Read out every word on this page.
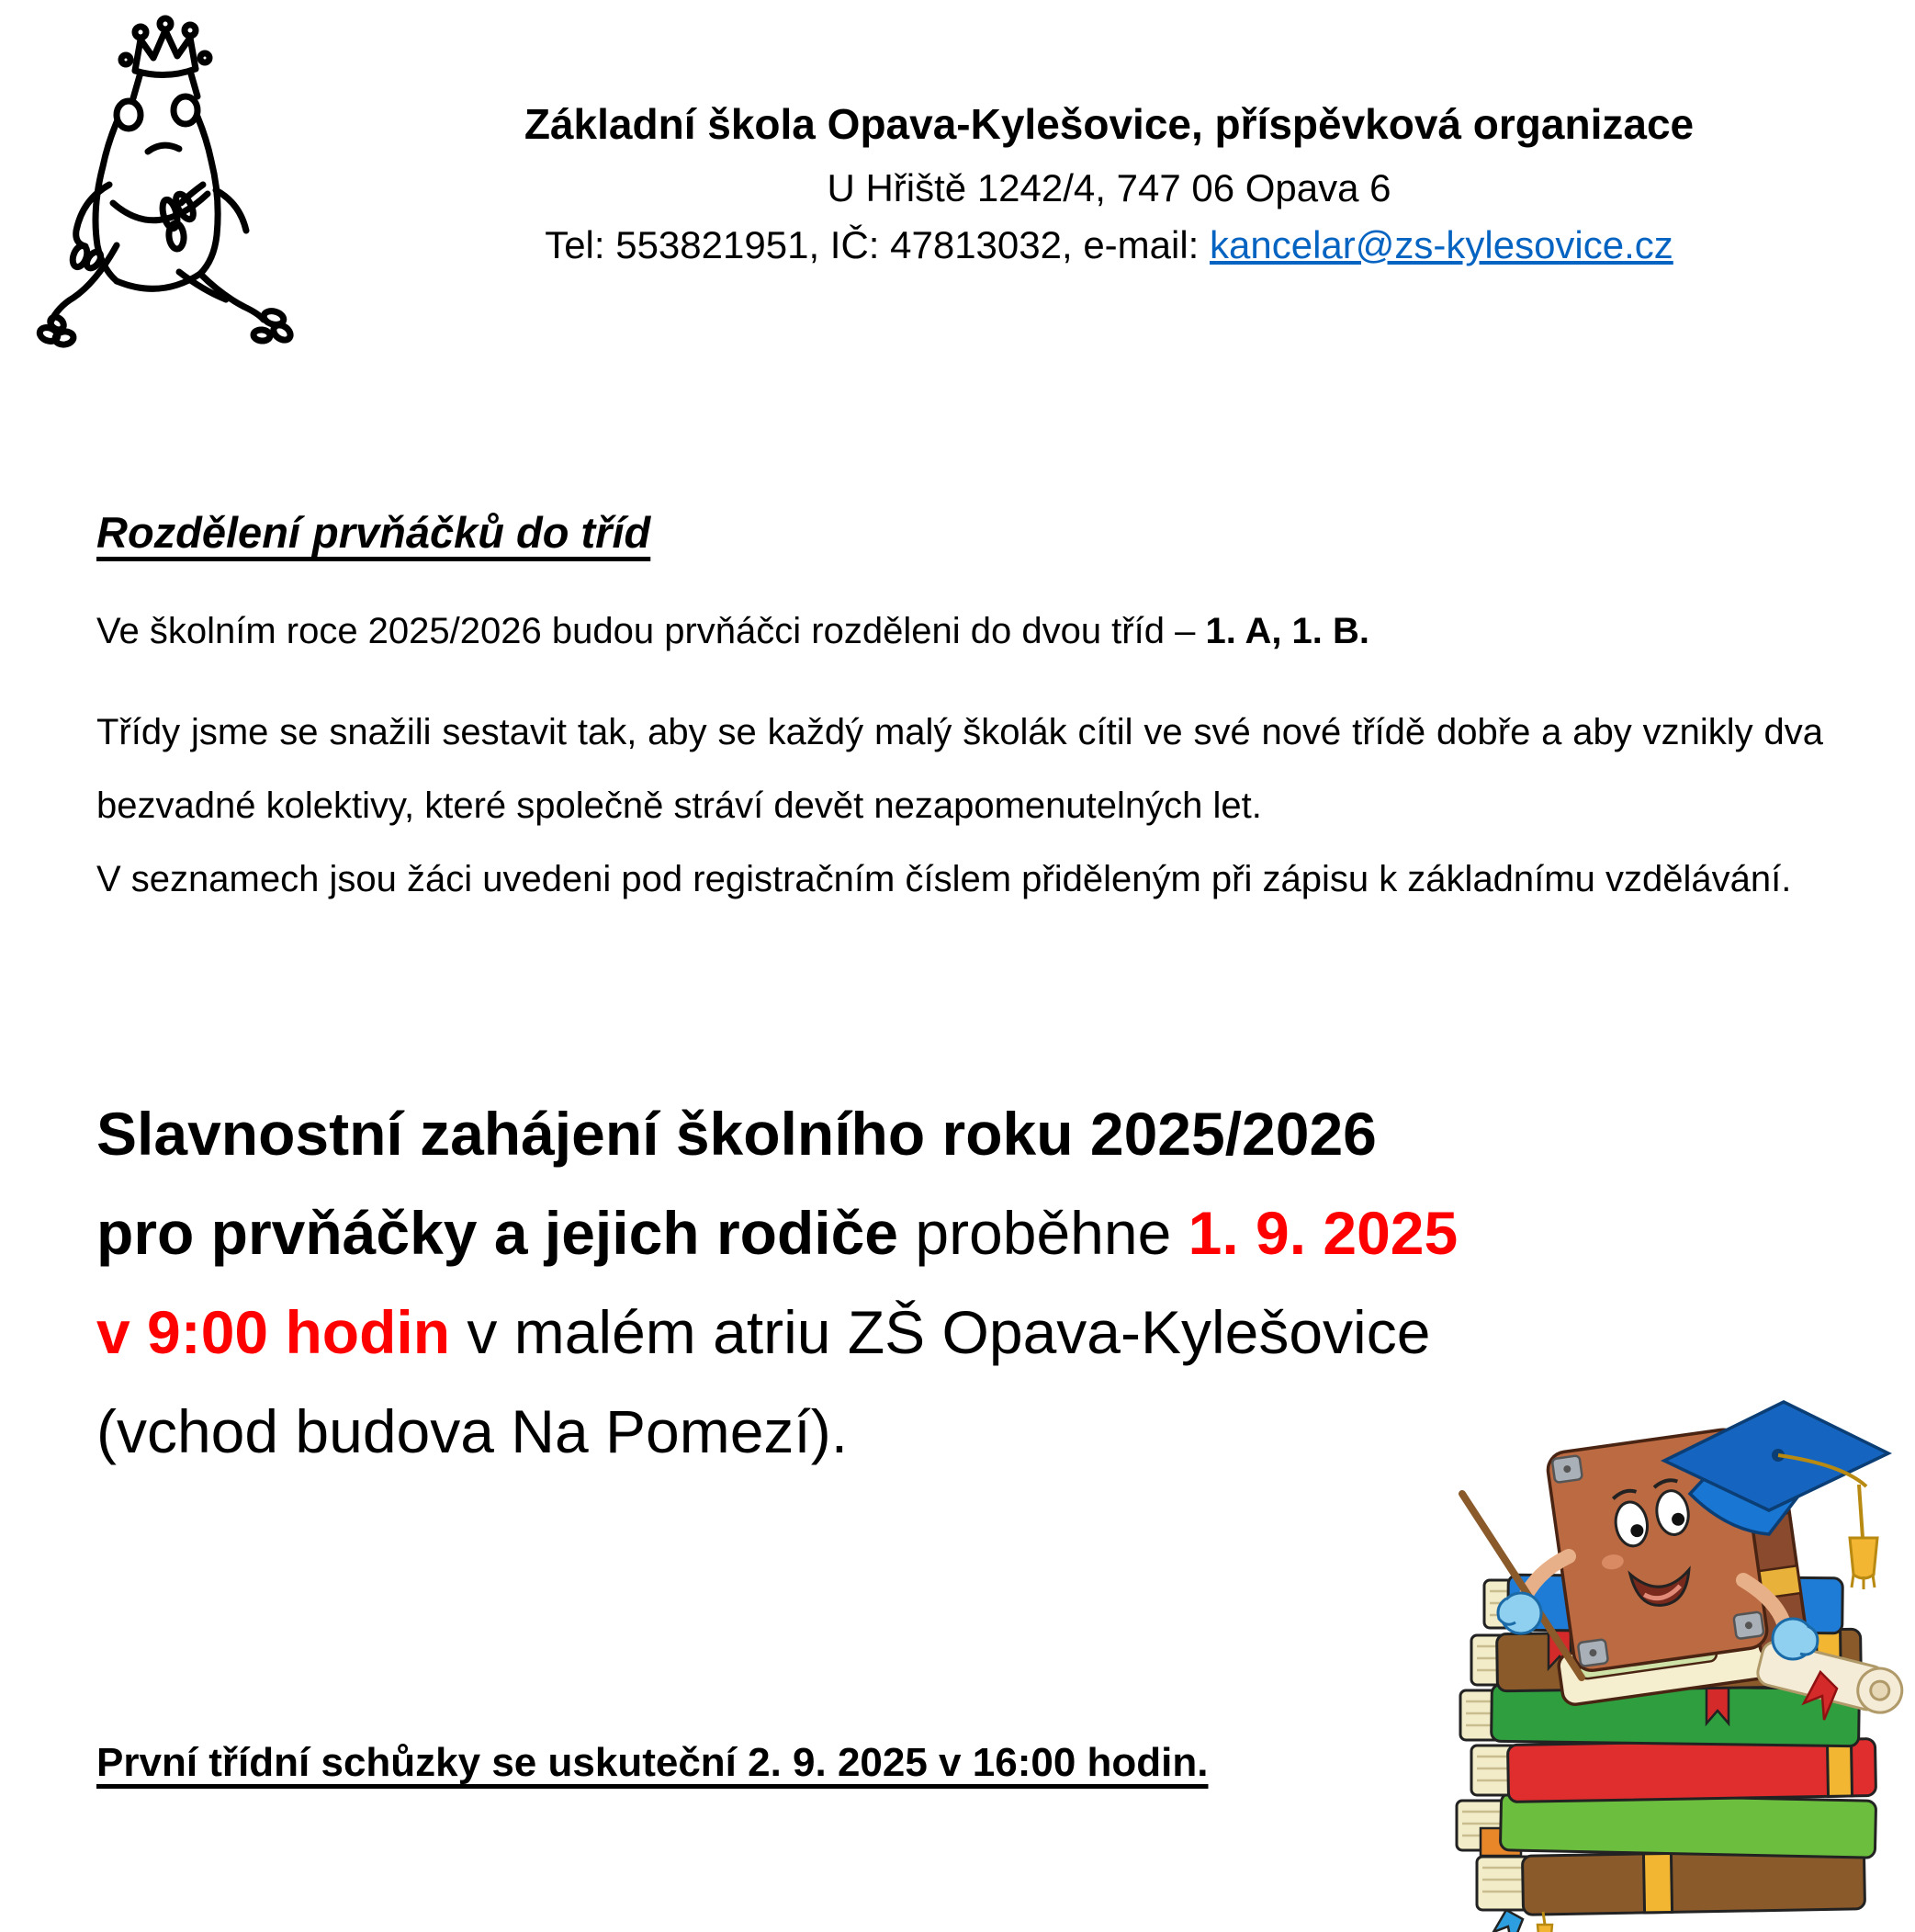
Základní škola Opava-Kylešovice, příspěvková organizace

U Hřiště 1242/4, 747 06 Opava 6

Tel: 553821951, IČ: 47813032, e-mail: kancelar@zs-kylesovice.cz

Rozdělení prvňáčků do tříd

Ve školním roce 2025/2026 budou prvňáčci rozděleni do dvou tříd – 1. A, 1. B.

Třídy jsme se snažili sestavit tak, aby se každý malý školák cítil ve své nové třídě dobře a aby vznikly dva bezvadné kolektivy, které společně stráví devět nezapomenutelných let.

V seznamech jsou žáci uvedeni pod registračním číslem přiděleným při zápisu k základnímu vzdělávání.

Slavnostní zahájení školního roku 2025/2026
pro prvňáčky a jejich rodiče proběhne 1. 9. 2025
v 9:00 hodin v malém atriu ZŠ Opava-Kylešovice
(vchod budova Na Pomezí).

První třídní schůzky se uskuteční 2. 9. 2025 v 16:00 hodin.
